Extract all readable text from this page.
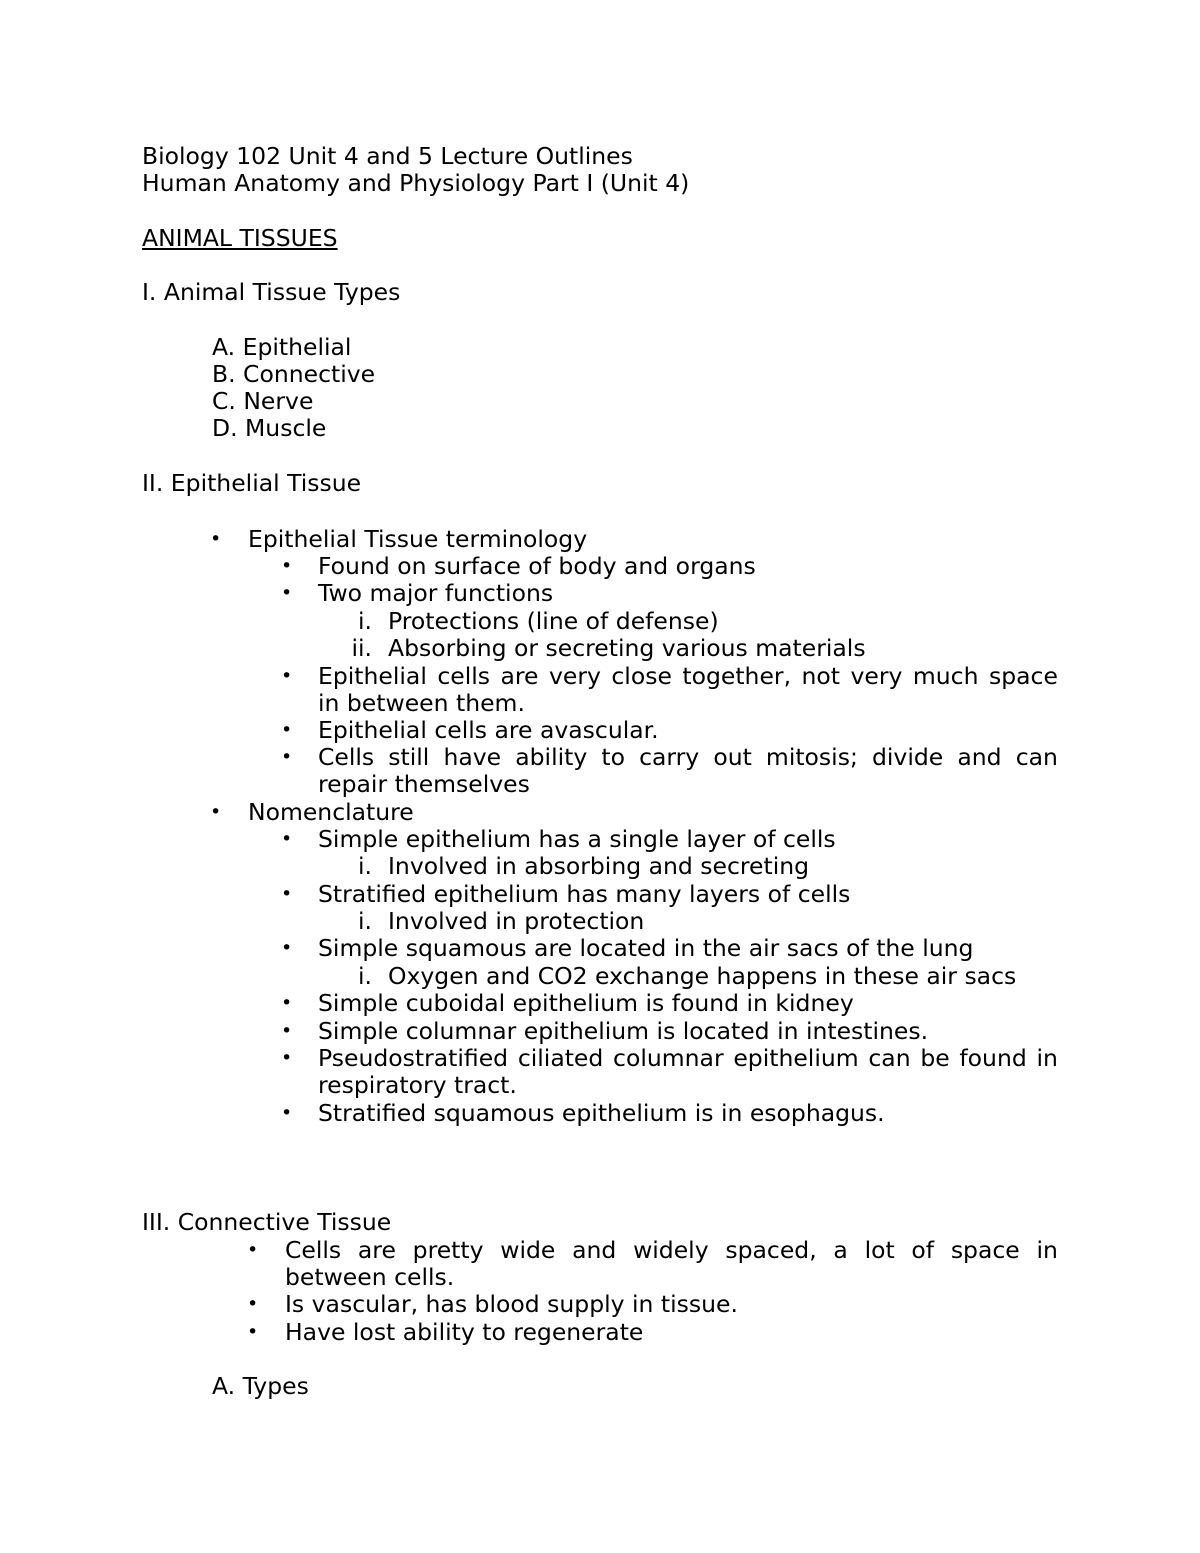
Biology 102 Unit 4 and 5 Lecture Outlines
Human Anatomy and Physiology Part I (Unit 4)
ANIMAL TISSUES
I. Animal Tissue Types
A. Epithelial
B. Connective
C. Nerve
D. Muscle
II. Epithelial Tissue
• Epithelial Tissue terminology
• Found on surface of body and organs
• Two major functions
i. Protections (line of defense)
ii. Absorbing or secreting various materials
• Epithelial cells are very close together, not very much space
in between them.
• Epithelial cells are avascular.
• Cells still have ability to carry out mitosis; divide and can
repair themselves
• Nomenclature
• Simple epithelium has a single layer of cells
i. Involved in absorbing and secreting
• Stratified epithelium has many layers of cells
i. Involved in protection
• Simple squamous are located in the air sacs of the lung
i. Oxygen and CO2 exchange happens in these air sacs
• Simple cuboidal epithelium is found in kidney
• Simple columnar epithelium is located in intestines.
• Pseudostratified ciliated columnar epithelium can be found in
respiratory tract.
• Stratified squamous epithelium is in esophagus.
III. Connective Tissue
• Cells are pretty wide and widely spaced, a lot of space in
between cells.
• Is vascular, has blood supply in tissue.
• Have lost ability to regenerate
A. Types
